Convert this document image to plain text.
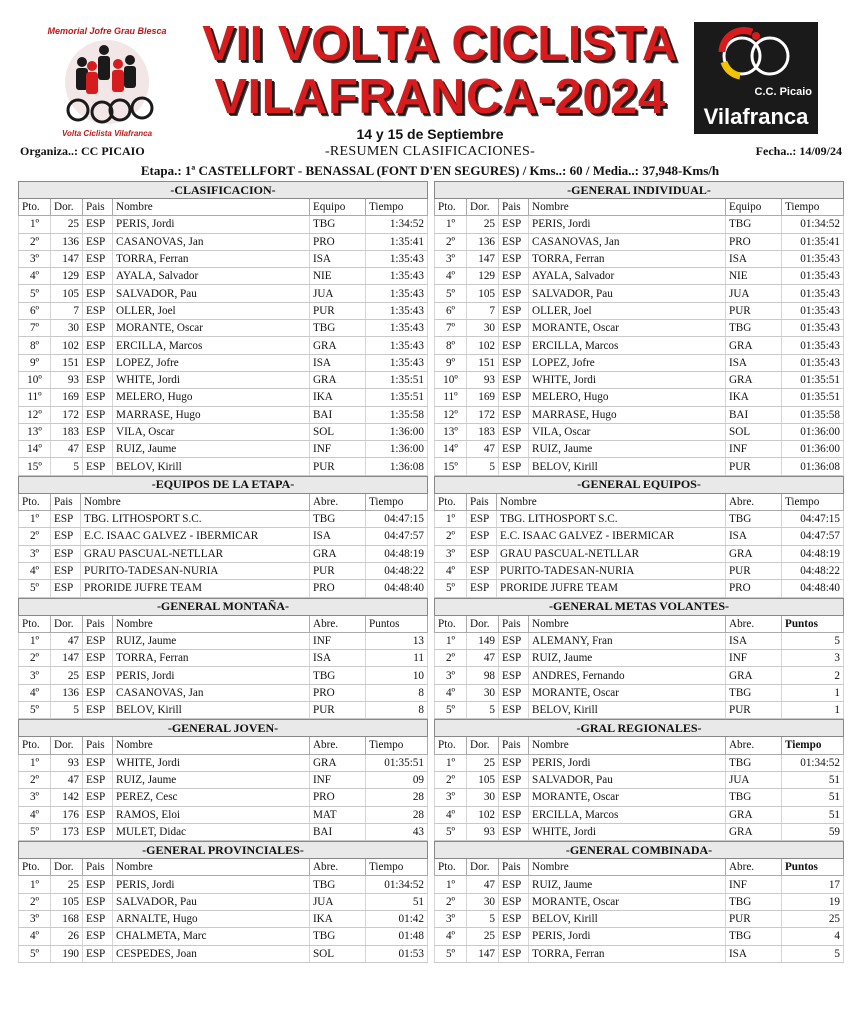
Memorial Jofre Grau Blesca
Volta Ciclista Vilafranca
VII VOLTA CICLISTA
VILAFRANCA-2024
14 y 15 de Septiembre
C.C. Picaio
Vilafranca
Organiza..: CC PICAIO	-RESUMEN CLASIFICACIONES-	Fecha..: 14/09/24
Etapa.: 1ª CASTELLFORT - BENASSAL (FONT D'EN SEGURES) / Kms..: 60 / Media..: 37,948-Kms/h
-CLASIFICACION-					
Pto.	Dor.	Pais	Nombre	Equipo	Tiempo
1º	25	ESP	PERIS, Jordi	TBG	1:34:52
2º	136	ESP	CASANOVAS, Jan	PRO	1:35:41
3º	147	ESP	TORRA, Ferran	ISA	1:35:43
4º	129	ESP	AYALA, Salvador	NIE	1:35:43
5º	105	ESP	SALVADOR, Pau	JUA	1:35:43
6º	7	ESP	OLLER, Joel	PUR	1:35:43
7º	30	ESP	MORANTE, Oscar	TBG	1:35:43
8º	102	ESP	ERCILLA, Marcos	GRA	1:35:43
9º	151	ESP	LOPEZ, Jofre	ISA	1:35:43
10º	93	ESP	WHITE, Jordi	GRA	1:35:51
11º	169	ESP	MELERO, Hugo	IKA	1:35:51
12º	172	ESP	MARRASE, Hugo	BAI	1:35:58
13º	183	ESP	VILA, Oscar	SOL	1:36:00
14º	47	ESP	RUIZ, Jaume	INF	1:36:00
15º	5	ESP	BELOV, Kirill	PUR	1:36:08
-GENERAL INDIVIDUAL-					
Pto.	Dor.	Pais	Nombre	Equipo	Tiempo
1º	25	ESP	PERIS, Jordi	TBG	01:34:52
2º	136	ESP	CASANOVAS, Jan	PRO	01:35:41
3º	147	ESP	TORRA, Ferran	ISA	01:35:43
4º	129	ESP	AYALA, Salvador	NIE	01:35:43
5º	105	ESP	SALVADOR, Pau	JUA	01:35:43
6º	7	ESP	OLLER, Joel	PUR	01:35:43
7º	30	ESP	MORANTE, Oscar	TBG	01:35:43
8º	102	ESP	ERCILLA, Marcos	GRA	01:35:43
9º	151	ESP	LOPEZ, Jofre	ISA	01:35:43
10º	93	ESP	WHITE, Jordi	GRA	01:35:51
11º	169	ESP	MELERO, Hugo	IKA	01:35:51
12º	172	ESP	MARRASE, Hugo	BAI	01:35:58
13º	183	ESP	VILA, Oscar	SOL	01:36:00
14º	47	ESP	RUIZ, Jaume	INF	01:36:00
15º	5	ESP	BELOV, Kirill	PUR	01:36:08
-EQUIPOS DE LA ETAPA-				
Pto.	Pais	Nombre	Abre.	Tiempo
1º	ESP	TBG. LITHOSPORT S.C.	TBG	04:47:15
2º	ESP	E.C. ISAAC GALVEZ - IBERMICAR	ISA	04:47:57
3º	ESP	GRAU PASCUAL-NETLLAR	GRA	04:48:19
4º	ESP	PURITO-TADESAN-NURIA	PUR	04:48:22
5º	ESP	PRORIDE JUFRE TEAM	PRO	04:48:40
-GENERAL EQUIPOS-				
Pto.	Pais	Nombre	Abre.	Tiempo
1º	ESP	TBG. LITHOSPORT S.C.	TBG	04:47:15
2º	ESP	E.C. ISAAC GALVEZ - IBERMICAR	ISA	04:47:57
3º	ESP	GRAU PASCUAL-NETLLAR	GRA	04:48:19
4º	ESP	PURITO-TADESAN-NURIA	PUR	04:48:22
5º	ESP	PRORIDE JUFRE TEAM	PRO	04:48:40
-GENERAL MONTAÑA-					
Pto.	Dor.	Pais	Nombre	Abre.	Puntos
1º	47	ESP	RUIZ, Jaume	INF	13
2º	147	ESP	TORRA, Ferran	ISA	11
3º	25	ESP	PERIS, Jordi	TBG	10
4º	136	ESP	CASANOVAS, Jan	PRO	8
5º	5	ESP	BELOV, Kirill	PUR	8
-GENERAL METAS VOLANTES-					
Pto.	Dor.	Pais	Nombre	Abre.	Puntos
1º	149	ESP	ALEMANY, Fran	ISA	5
2º	47	ESP	RUIZ, Jaume	INF	3
3º	98	ESP	ANDRES, Fernando	GRA	2
4º	30	ESP	MORANTE, Oscar	TBG	1
5º	5	ESP	BELOV, Kirill	PUR	1
-GENERAL JOVEN-					
Pto.	Dor.	Pais	Nombre	Abre.	Tiempo
1º	93	ESP	WHITE, Jordi	GRA	01:35:51
2º	47	ESP	RUIZ, Jaume	INF	09
3º	142	ESP	PEREZ, Cesc	PRO	28
4º	176	ESP	RAMOS, Eloi	MAT	28
5º	173	ESP	MULET, Didac	BAI	43
-GRAL REGIONALES-					
Pto.	Dor.	Pais	Nombre	Abre.	Tiempo
1º	25	ESP	PERIS, Jordi	TBG	01:34:52
2º	105	ESP	SALVADOR, Pau	JUA	51
3º	30	ESP	MORANTE, Oscar	TBG	51
4º	102	ESP	ERCILLA, Marcos	GRA	51
5º	93	ESP	WHITE, Jordi	GRA	59
-GENERAL PROVINCIALES-					
Pto.	Dor.	Pais	Nombre	Abre.	Tiempo
1º	25	ESP	PERIS, Jordi	TBG	01:34:52
2º	105	ESP	SALVADOR, Pau	JUA	51
3º	168	ESP	ARNALTE, Hugo	IKA	01:42
4º	26	ESP	CHALMETA, Marc	TBG	01:48
5º	190	ESP	CESPEDES, Joan	SOL	01:53
-GENERAL COMBINADA-					
Pto.	Dor.	Pais	Nombre	Abre.	Puntos
1º	47	ESP	RUIZ, Jaume	INF	17
2º	30	ESP	MORANTE, Oscar	TBG	19
3º	5	ESP	BELOV, Kirill	PUR	25
4º	25	ESP	PERIS, Jordi	TBG	4
5º	147	ESP	TORRA, Ferran	ISA	5
